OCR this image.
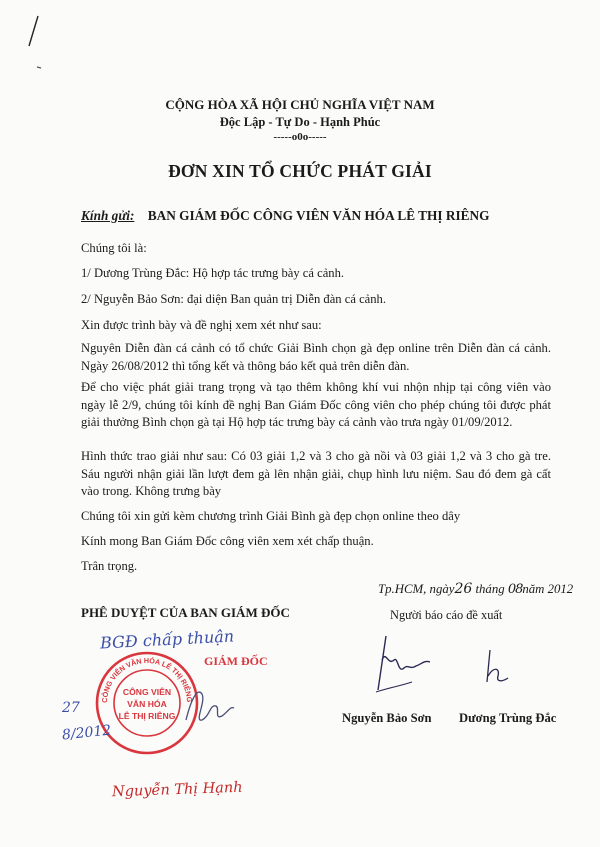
CỘNG HÒA XÃ HỘI CHỦ NGHĨA VIỆT NAM
Độc Lập - Tự Do - Hạnh Phúc
-----o0o-----
ĐƠN XIN TỔ CHỨC PHÁT GIẢI
Kính gửi: BAN GIÁM ĐỐC CÔNG VIÊN VĂN HÓA LÊ THỊ RIÊNG
Chúng tôi là:
1/ Dương Trùng Đắc: Hộ hợp tác trưng bày cá cảnh.
2/ Nguyễn Bảo Sơn: đại diện Ban quản trị Diễn đàn cá cảnh.
Xin được trình bày và đề nghị xem xét như sau:
Nguyên Diễn đàn cá cảnh có tổ chức Giải Bình chọn gà đẹp online trên Diễn đàn cá cảnh. Ngày 26/08/2012 thì tổng kết và thông báo kết quả trên diễn đàn.
Để cho việc phát giải trang trọng và tạo thêm không khí vui nhộn nhịp tại công viên vào ngày lễ 2/9, chúng tôi kính đề nghị Ban Giám Đốc công viên cho phép chúng tôi được phát giải thưởng Bình chọn gà tại Hộ hợp tác trưng bày cá cảnh vào trưa ngày 01/09/2012.
Hình thức trao giải như sau: Có 03 giải 1,2 và 3 cho gà nồi và 03 giải 1,2 và 3 cho gà tre. Sáu người nhận giải lần lượt đem gà lên nhận giải, chụp hình lưu niệm. Sau đó đem gà cất vào trong. Không trưng bày
Chúng tôi xin gửi kèm chương trình Giải Bình gà đẹp chọn online theo dây
Kính mong Ban Giám Đốc công viên xem xét chấp thuận.
Trân trọng.
Tp.HCM, ngày26 tháng 08năm 2012
PHÊ DUYỆT CỦA BAN GIÁM ĐỐC	Người báo cáo đề xuất
BGĐ chấp thuận
GIÁM ĐỐC
CÔNG VIÊN VĂN HÓA LÊ THỊ RIÊNG
CÔNG VIÊN
VĂN HÓA
LÊ THỊ RIÊNG
27
8/2012
Nguyễn Thị Hạnh
Nguyễn Bảo Sơn Dương Trùng Đắc
